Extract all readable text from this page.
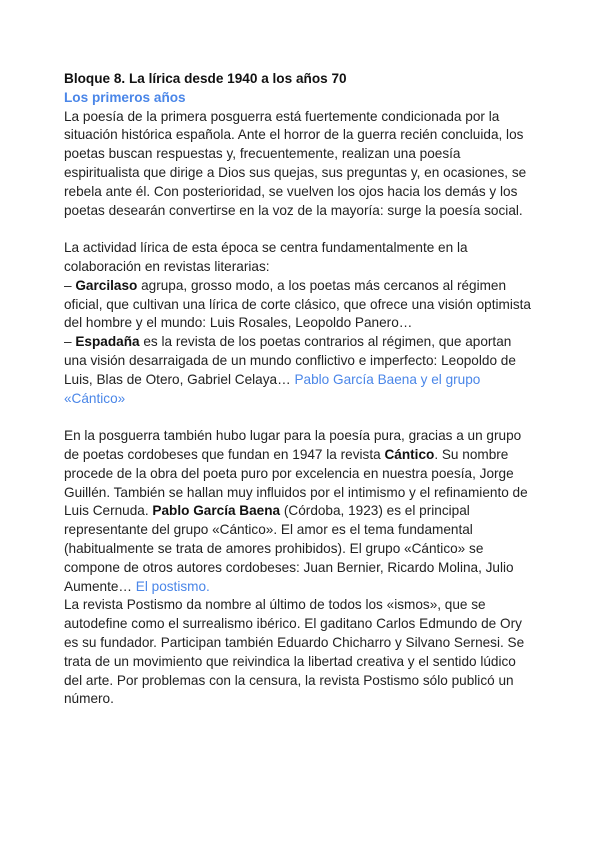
Bloque 8. La lírica desde 1940 a los años 70

Los primeros años

La poesía de la primera posguerra está fuertemente condicionada por la situación histórica española. Ante el horror de la guerra recién concluida, los poetas buscan respuestas y, frecuentemente, realizan una poesía espiritualista que dirige a Dios sus quejas, sus preguntas y, en ocasiones, se rebela ante él. Con posterioridad, se vuelven los ojos hacia los demás y los poetas desearán convertirse en la voz de la mayoría: surge la poesía social.

La actividad lírica de esta época se centra fundamentalmente en la colaboración en revistas literarias:
– Garcilaso agrupa, grosso modo, a los poetas más cercanos al régimen oficial, que cultivan una lírica de corte clásico, que ofrece una visión optimista del hombre y el mundo: Luis Rosales, Leopoldo Panero…
– Espadaña es la revista de los poetas contrarios al régimen, que aportan una visión desarraigada de un mundo conflictivo e imperfecto: Leopoldo de Luis, Blas de Otero, Gabriel Celaya… Pablo García Baena y el grupo «Cántico»

En la posguerra también hubo lugar para la poesía pura, gracias a un grupo de poetas cordobeses que fundan en 1947 la revista Cántico. Su nombre procede de la obra del poeta puro por excelencia en nuestra poesía, Jorge Guillén. También se hallan muy influidos por el intimismo y el refinamiento de Luis Cernuda. Pablo García Baena (Córdoba, 1923) es el principal representante del grupo «Cántico». El amor es el tema fundamental (habitualmente se trata de amores prohibidos). El grupo «Cántico» se compone de otros autores cordobeses: Juan Bernier, Ricardo Molina, Julio Aumente… El postismo.

La revista Postismo da nombre al último de todos los «ismos», que se autodefine como el surrealismo ibérico. El gaditano Carlos Edmundo de Ory es su fundador. Participan también Eduardo Chicharro y Silvano Sernesi. Se trata de un movimiento que reivindica la libertad creativa y el sentido lúdico del arte. Por problemas con la censura, la revista Postismo sólo publicó un número.
